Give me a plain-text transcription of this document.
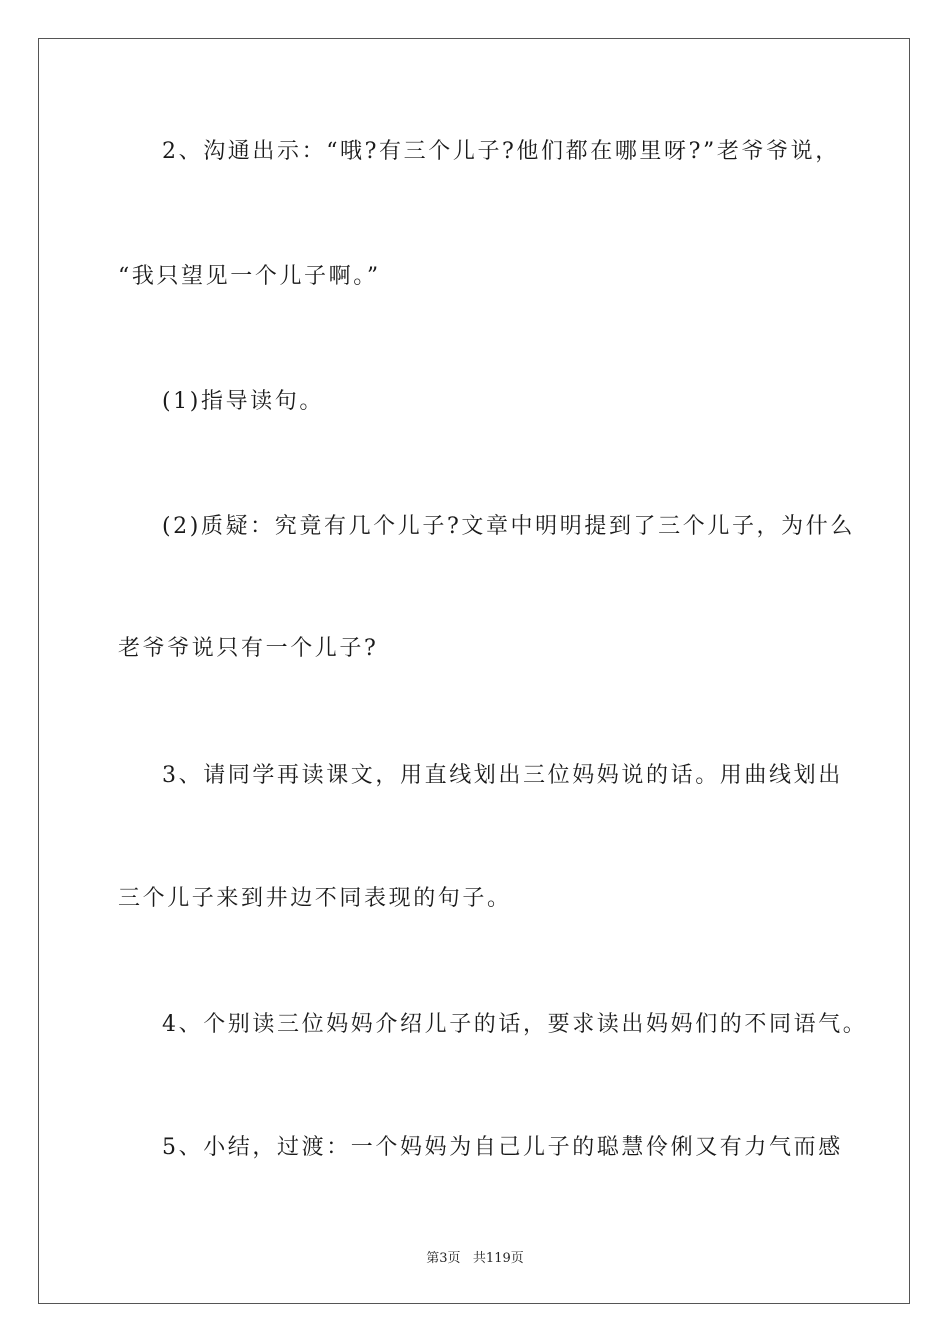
2、沟通出示：“哦?有三个儿子?他们都在哪里呀?”老爷爷说，
“我只望见一个儿子啊。”
(1)指导读句。
(2)质疑：究竟有几个儿子?文章中明明提到了三个儿子，为什么
老爷爷说只有一个儿子?
3、请同学再读课文，用直线划出三位妈妈说的话。用曲线划出
三个儿子来到井边不同表现的句子。
4、个别读三位妈妈介绍儿子的话，要求读出妈妈们的不同语气。
5、小结，过渡：一个妈妈为自己儿子的聪慧伶俐又有力气而感
第3页   共119页
